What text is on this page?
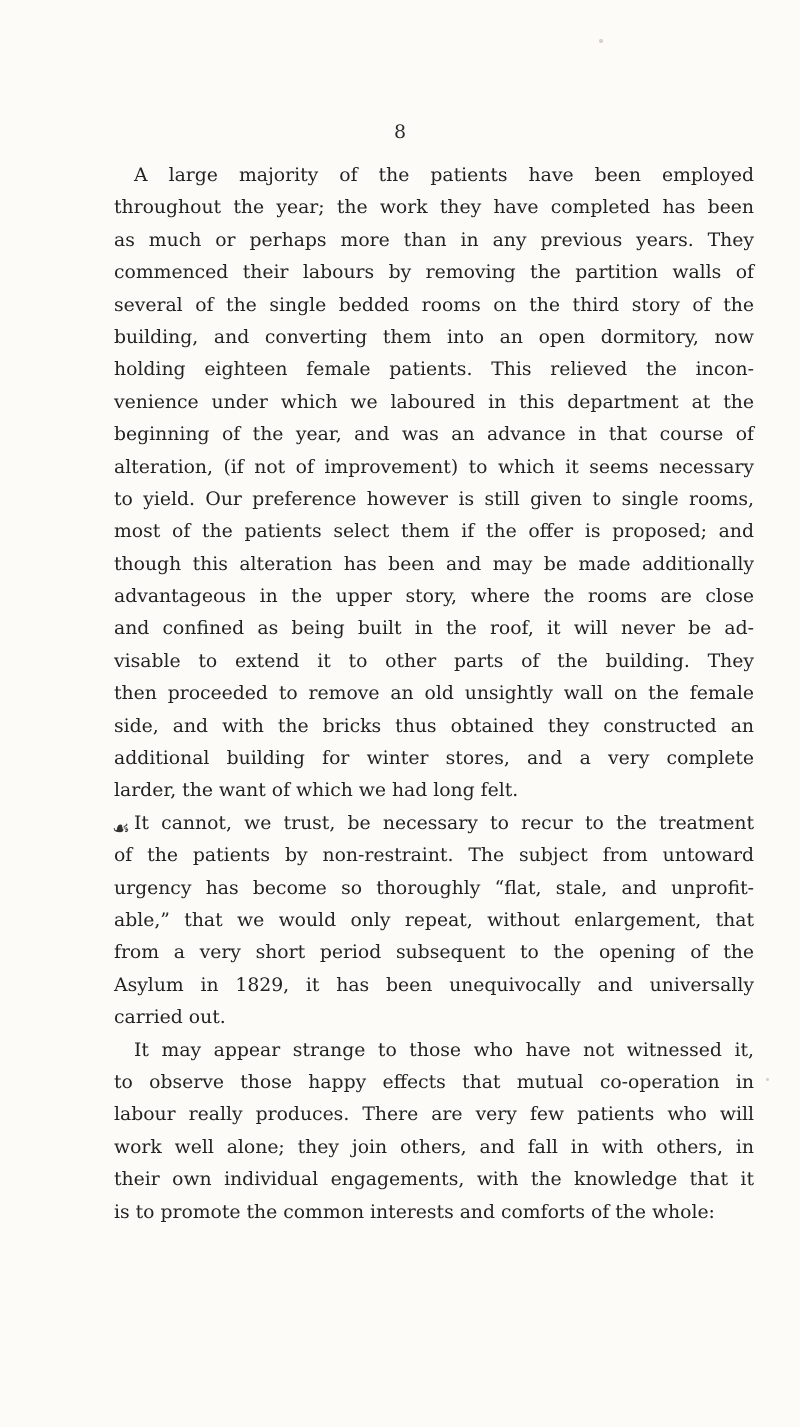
8
A large majority of the patients have been employed
throughout the year; the work they have completed has been
as much or perhaps more than in any previous years. They
commenced their labours by removing the partition walls of
several of the single bedded rooms on the third story of the
building, and converting them into an open dormitory, now
holding eighteen female patients. This relieved the incon-
venience under which we laboured in this department at the
beginning of the year, and was an advance in that course of
alteration, (if not of improvement) to which it seems necessary
to yield. Our preference however is still given to single rooms,
most of the patients select them if the offer is proposed; and
though this alteration has been and may be made additionally
advantageous in the upper story, where the rooms are close
and confined as being built in the roof, it will never be ad-
visable to extend it to other parts of the building. They
then proceeded to remove an old unsightly wall on the female
side, and with the bricks thus obtained they constructed an
additional building for winter stores, and a very complete
larder, the want of which we had long felt.
☙ It cannot, we trust, be necessary to recur to the treatment
of the patients by non-restraint. The subject from untoward
urgency has become so thoroughly “flat, stale, and unprofit-
able,” that we would only repeat, without enlargement, that
from a very short period subsequent to the opening of the
Asylum in 1829, it has been unequivocally and universally
carried out.
It may appear strange to those who have not witnessed it,
to observe those happy effects that mutual co-operation in
labour really produces. There are very few patients who will
work well alone; they join others, and fall in with others, in
their own individual engagements, with the knowledge that it
is to promote the common interests and comforts of the whole:
